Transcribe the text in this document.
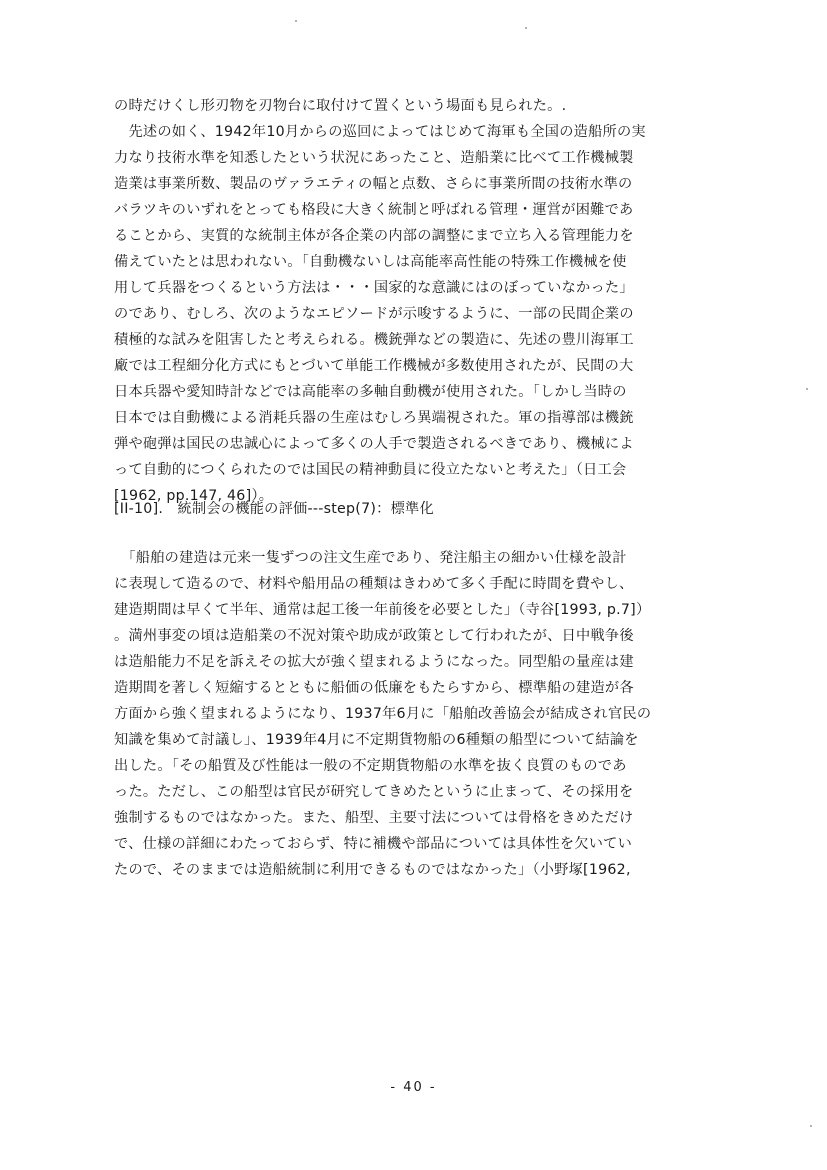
の時だけくし形刃物を刃物台に取付けて置くという場面も見られた。.
　先述の如く、1942年10月からの巡回によってはじめて海軍も全国の造船所の実
力なり技術水準を知悉したという状況にあったこと、造船業に比べて工作機械製
造業は事業所数、製品のヴァラエティの幅と点数、さらに事業所間の技術水準の
バラツキのいずれをとっても格段に大きく統制と呼ばれる管理・運営が困難であ
ることから、実質的な統制主体が各企業の内部の調整にまで立ち入る管理能力を
備えていたとは思われない。「自動機ないしは高能率高性能の特殊工作機械を使
用して兵器をつくるという方法は・・・国家的な意識にはのぼっていなかった」
のであり、むしろ、次のようなエピソードが示唆するように、一部の民間企業の
積極的な試みを阻害したと考えられる。機銃弾などの製造に、先述の豊川海軍工
廠では工程細分化方式にもとづいて単能工作機械が多数使用されたが、民間の大
日本兵器や愛知時計などでは高能率の多軸自動機が使用された。「しかし当時の
日本では自動機による消耗兵器の生産はむしろ異端視された。軍の指導部は機銃
弾や砲弾は国民の忠誠心によって多くの人手で製造されるべきであり、機械によ
って自動的につくられたのでは国民の精神動員に役立たないと考えた」（日工会
[1962, pp.147, 46]）。
[II-10].　統制会の機能の評価---step(7)：標準化
　「船舶の建造は元来一隻ずつの注文生産であり、発注船主の細かい仕様を設計
に表現して造るので、材料や船用品の種類はきわめて多く手配に時間を費やし、
建造期間は早くて半年、通常は起工後一年前後を必要とした」（寺谷[1993, p.7]）
。満州事変の頃は造船業の不況対策や助成が政策として行われたが、日中戦争後
は造船能力不足を訴えその拡大が強く望まれるようになった。同型船の量産は建
造期間を著しく短縮するとともに船価の低廉をもたらすから、標準船の建造が各
方面から強く望まれるようになり、1937年6月に「船舶改善協会が結成され官民の
知識を集めて討議し」、1939年4月に不定期貨物船の6種類の船型について結論を
出した。「その船質及び性能は一般の不定期貨物船の水準を抜く良質のものであ
った。ただし、この船型は官民が研究してきめたというに止まって、その採用を
強制するものではなかった。また、船型、主要寸法については骨格をきめただけ
で、仕様の詳細にわたっておらず、特に補機や部品については具体性を欠いてい
たので、そのままでは造船統制に利用できるものではなかった」（小野塚[1962,
- 40 -
